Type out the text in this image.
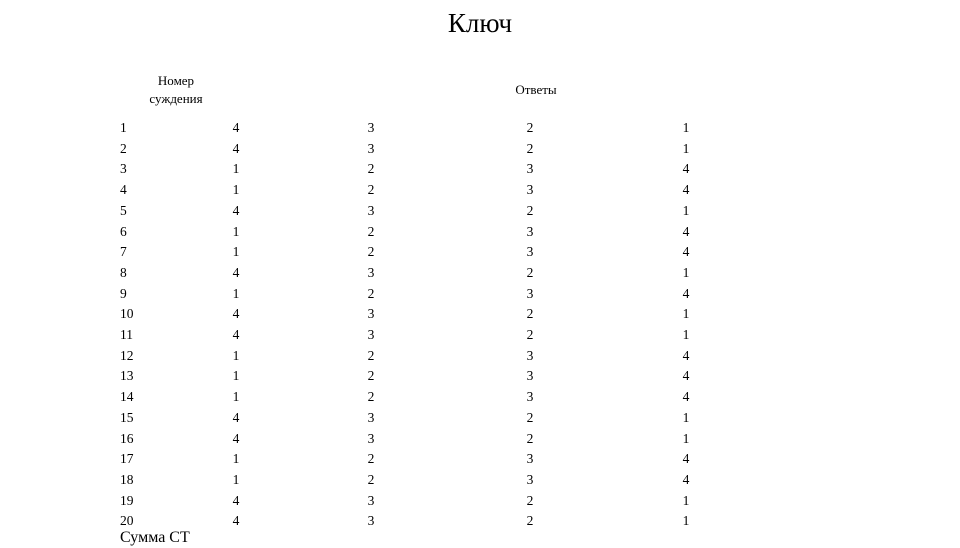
Ключ
Номер
суждения
Ответы
1	4	3	2	1
2	4	3	2	1
3	1	2	3	4
4	1	2	3	4
5	4	3	2	1
6	1	2	3	4
7	1	2	3	4
8	4	3	2	1
9	1	2	3	4
10	4	3	2	1
11	4	3	2	1
12	1	2	3	4
13	1	2	3	4
14	1	2	3	4
15	4	3	2	1
16	4	3	2	1
17	1	2	3	4
18	1	2	3	4
19	4	3	2	1
20	4	3	2	1
Сумма СТ
